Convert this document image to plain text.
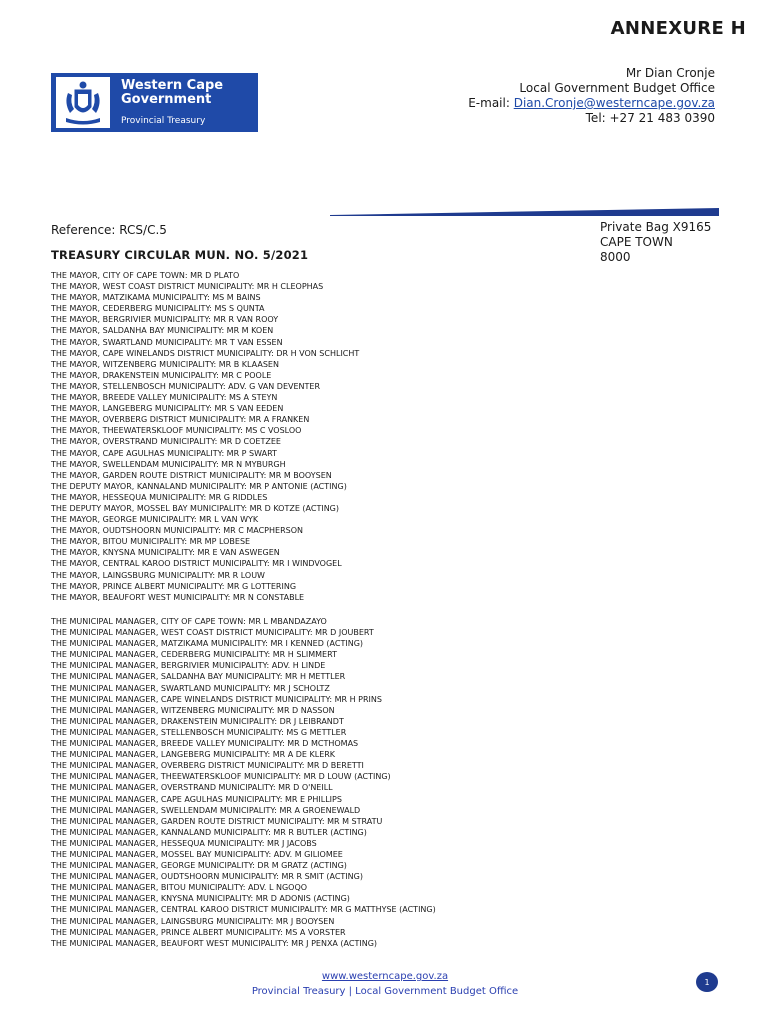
ANNEXURE H
Western Cape
Government
Provincial Treasury
Mr Dian Cronje
Local Government Budget Office
E-mail: Dian.Cronje@westerncape.gov.za
Tel: +27 21 483 0390
Reference: RCS/C.5
TREASURY CIRCULAR MUN. NO. 5/2021
Private Bag X9165
CAPE TOWN
8000
THE MAYOR, CITY OF CAPE TOWN: MR D PLATO
THE MAYOR, WEST COAST DISTRICT MUNICIPALITY: MR H CLEOPHAS
THE MAYOR, MATZIKAMA MUNICIPALITY: MS M BAINS
THE MAYOR, CEDERBERG MUNICIPALITY: MS S QUNTA
THE MAYOR, BERGRIVIER MUNICIPALITY: MR R VAN ROOY
THE MAYOR, SALDANHA BAY MUNICIPALITY: MR M KOEN
THE MAYOR, SWARTLAND MUNICIPALITY: MR T VAN ESSEN
THE MAYOR, CAPE WINELANDS DISTRICT MUNICIPALITY: DR H VON SCHLICHT
THE MAYOR, WITZENBERG MUNICIPALITY: MR B KLAASEN
THE MAYOR, DRAKENSTEIN MUNICIPALITY: MR C POOLE
THE MAYOR, STELLENBOSCH MUNICIPALITY: ADV. G VAN DEVENTER
THE MAYOR, BREEDE VALLEY MUNICIPALITY: MS A STEYN
THE MAYOR, LANGEBERG MUNICIPALITY: MR S VAN EEDEN
THE MAYOR, OVERBERG DISTRICT MUNICIPALITY: MR A FRANKEN
THE MAYOR, THEEWATERSKLOOF MUNICIPALITY: MS C VOSLOO
THE MAYOR, OVERSTRAND MUNICIPALITY: MR D COETZEE
THE MAYOR, CAPE AGULHAS MUNICIPALITY: MR P SWART
THE MAYOR, SWELLENDAM MUNICIPALITY: MR N MYBURGH
THE MAYOR, GARDEN ROUTE DISTRICT MUNICIPALITY: MR M BOOYSEN
THE DEPUTY MAYOR, KANNALAND MUNICIPALITY: MR P ANTONIE (ACTING)
THE MAYOR, HESSEQUA MUNICIPALITY: MR G RIDDLES
THE DEPUTY MAYOR, MOSSEL BAY MUNICIPALITY: MR D KOTZE (ACTING)
THE MAYOR, GEORGE MUNICIPALITY: MR L VAN WYK
THE MAYOR, OUDTSHOORN MUNICIPALITY: MR C MACPHERSON
THE MAYOR, BITOU MUNICIPALITY: MR MP LOBESE
THE MAYOR, KNYSNA MUNICIPALITY: MR E VAN ASWEGEN
THE MAYOR, CENTRAL KAROO DISTRICT MUNICIPALITY: MR I WINDVOGEL
THE MAYOR, LAINGSBURG MUNICIPALITY: MR R LOUW
THE MAYOR, PRINCE ALBERT MUNICIPALITY: MR G LOTTERING
THE MAYOR, BEAUFORT WEST MUNICIPALITY: MR N CONSTABLE
THE MUNICIPAL MANAGER, CITY OF CAPE TOWN: MR L MBANDAZAYO
THE MUNICIPAL MANAGER, WEST COAST DISTRICT MUNICIPALITY: MR D JOUBERT
THE MUNICIPAL MANAGER, MATZIKAMA MUNICIPALITY: MR I KENNED (ACTING)
THE MUNICIPAL MANAGER, CEDERBERG MUNICIPALITY: MR H SLIMMERT
THE MUNICIPAL MANAGER, BERGRIVIER MUNICIPALITY: ADV. H LINDE
THE MUNICIPAL MANAGER, SALDANHA BAY MUNICIPALITY: MR H METTLER
THE MUNICIPAL MANAGER, SWARTLAND MUNICIPALITY: MR J SCHOLTZ
THE MUNICIPAL MANAGER, CAPE WINELANDS DISTRICT MUNICIPALITY: MR H PRINS
THE MUNICIPAL MANAGER, WITZENBERG MUNICIPALITY: MR D NASSON
THE MUNICIPAL MANAGER, DRAKENSTEIN MUNICIPALITY: DR J LEIBRANDT
THE MUNICIPAL MANAGER, STELLENBOSCH MUNICIPALITY: MS G METTLER
THE MUNICIPAL MANAGER, BREEDE VALLEY MUNICIPALITY: MR D MCTHOMAS
THE MUNICIPAL MANAGER, LANGEBERG MUNICIPALITY: MR A DE KLERK
THE MUNICIPAL MANAGER, OVERBERG DISTRICT MUNICIPALITY: MR D BERETTI
THE MUNICIPAL MANAGER, THEEWATERSKLOOF MUNICIPALITY: MR D LOUW (ACTING)
THE MUNICIPAL MANAGER, OVERSTRAND MUNICIPALITY: MR D O'NEILL
THE MUNICIPAL MANAGER, CAPE AGULHAS MUNICIPALITY: MR E PHILLIPS
THE MUNICIPAL MANAGER, SWELLENDAM MUNICIPALITY: MR A GROENEWALD
THE MUNICIPAL MANAGER, GARDEN ROUTE DISTRICT MUNICIPALITY: MR M STRATU
THE MUNICIPAL MANAGER, KANNALAND MUNICIPALITY: MR R BUTLER (ACTING)
THE MUNICIPAL MANAGER, HESSEQUA MUNICIPALITY: MR J JACOBS
THE MUNICIPAL MANAGER, MOSSEL BAY MUNICIPALITY: ADV. M GILIOMEE
THE MUNICIPAL MANAGER, GEORGE MUNICIPALITY: DR M GRATZ (ACTING)
THE MUNICIPAL MANAGER, OUDTSHOORN MUNICIPALITY: MR R SMIT (ACTING)
THE MUNICIPAL MANAGER, BITOU MUNICIPALITY: ADV. L NGOQO
THE MUNICIPAL MANAGER, KNYSNA MUNICIPALITY: MR D ADONIS (ACTING)
THE MUNICIPAL MANAGER, CENTRAL KAROO DISTRICT MUNICIPALITY: MR G MATTHYSE (ACTING)
THE MUNICIPAL MANAGER, LAINGSBURG MUNICIPALITY: MR J BOOYSEN
THE MUNICIPAL MANAGER, PRINCE ALBERT MUNICIPALITY: MS A VORSTER
THE MUNICIPAL MANAGER, BEAUFORT WEST MUNICIPALITY: MR J PENXA (ACTING)
www.westerncape.gov.za
Provincial Treasury | Local Government Budget Office
1
